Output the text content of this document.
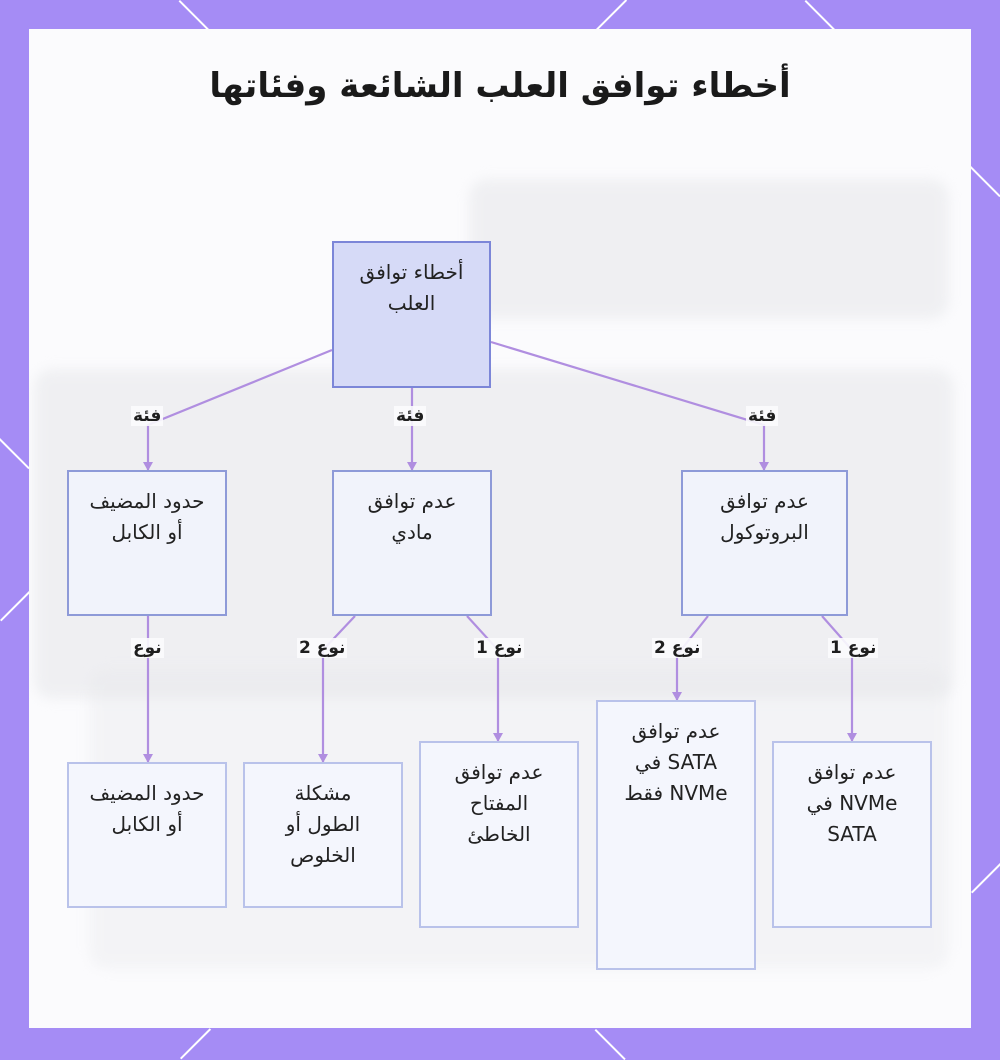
أخطاء توافق العلب الشائعة وفئاتها
فئة	فئة	فئة
نوع	نوع 2	نوع 1	نوع 2	نوع 1
أخطاء توافق العلب
حدود المضيف أو الكابل
عدم توافق مادي
عدم توافق البروتوكول
حدود المضيف أو الكابل
مشكلة الطول أو الخلوص
عدم توافق المفتاح الخاطئ
عدم توافق SATA في NVMe فقط
عدم توافق NVMe في SATA
